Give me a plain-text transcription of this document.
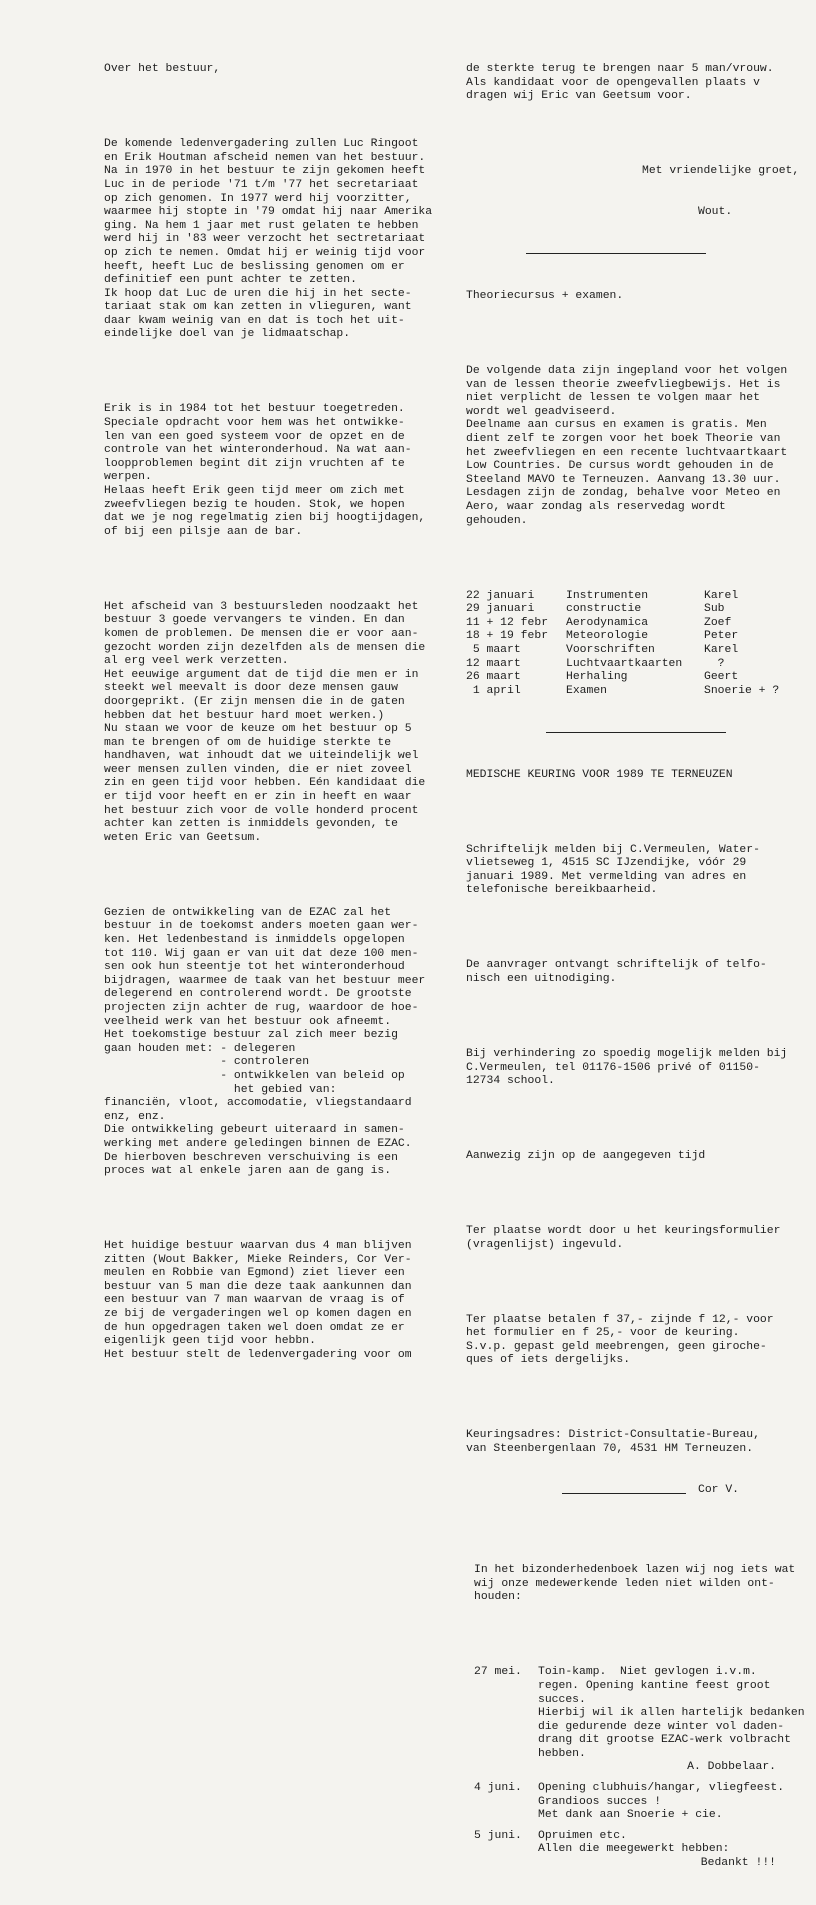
Over het bestuur,

De komende ledenvergadering zullen Luc Ringoot
en Erik Houtman afscheid nemen van het bestuur.
Na in 1970 in het bestuur te zijn gekomen heeft
Luc in de periode '71 t/m '77 het secretariaat
op zich genomen. In 1977 werd hij voorzitter,
waarmee hij stopte in '79 omdat hij naar Amerika
ging. Na hem 1 jaar met rust gelaten te hebben
werd hij in '83 weer verzocht het sectretariaat
op zich te nemen. Omdat hij er weinig tijd voor
heeft, heeft Luc de beslissing genomen om er
definitief een punt achter te zetten.
Ik hoop dat Luc de uren die hij in het secte-
tariaat stak om kan zetten in vlieguren, want
daar kwam weinig van en dat is toch het uit-
eindelijke doel van je lidmaatschap.

Erik is in 1984 tot het bestuur toegetreden.
Speciale opdracht voor hem was het ontwikke-
len van een goed systeem voor de opzet en de
controle van het winteronderhoud. Na wat aan-
loopproblemen begint dit zijn vruchten af te
werpen.
Helaas heeft Erik geen tijd meer om zich met
zweefvliegen bezig te houden. Stok, we hopen
dat we je nog regelmatig zien bij hoogtijdagen,
of bij een pilsje aan de bar.

Het afscheid van 3 bestuursleden noodzaakt het
bestuur 3 goede vervangers te vinden. En dan
komen de problemen. De mensen die er voor aan-
gezocht worden zijn dezelfden als de mensen die
al erg veel werk verzetten.
Het eeuwige argument dat de tijd die men er in
steekt wel meevalt is door deze mensen gauw
doorgeprikt. (Er zijn mensen die in de gaten
hebben dat het bestuur hard moet werken.)
Nu staan we voor de keuze om het bestuur op 5
man te brengen of om de huidige sterkte te
handhaven, wat inhoudt dat we uiteindelijk wel
weer mensen zullen vinden, die er niet zoveel
zin en geen tijd voor hebben. Eén kandidaat die
er tijd voor heeft en er zin in heeft en waar
het bestuur zich voor de volle honderd procent
achter kan zetten is inmiddels gevonden, te
weten Eric van Geetsum.

Gezien de ontwikkeling van de EZAC zal het
bestuur in de toekomst anders moeten gaan wer-
ken. Het ledenbestand is inmiddels opgelopen
tot 110. Wij gaan er van uit dat deze 100 men-
sen ook hun steentje tot het winteronderhoud
bijdragen, waarmee de taak van het bestuur meer
delegerend en controlerend wordt. De grootste
projecten zijn achter de rug, waardoor de hoe-
veelheid werk van het bestuur ook afneemt.
Het toekomstige bestuur zal zich meer bezig
gaan houden met: - delegeren
- controleren
- ontwikkelen van beleid op
het gebied van:
financiën, vloot, accomodatie, vliegstandaard
enz, enz.
Die ontwikkeling gebeurt uiteraard in samen-
werking met andere geledingen binnen de EZAC.
De hierboven beschreven verschuiving is een
proces wat al enkele jaren aan de gang is.

Het huidige bestuur waarvan dus 4 man blijven
zitten (Wout Bakker, Mieke Reinders, Cor Ver-
meulen en Robbie van Egmond) ziet liever een
bestuur van 5 man die deze taak aankunnen dan
een bestuur van 7 man waarvan de vraag is of
ze bij de vergaderingen wel op komen dagen en
de hun opgedragen taken wel doen omdat ze er
eigenlijk geen tijd voor hebbn.
Het bestuur stelt de ledenvergadering voor om

de sterkte terug te brengen naar 5 man/vrouw.
Als kandidaat voor de opengevallen plaats v
dragen wij Eric van Geetsum voor.

Met vriendelijke groet,

Wout.

Theoriecursus + examen.

De volgende data zijn ingepland voor het volgen
van de lessen theorie zweefvliegbewijs. Het is
niet verplicht de lessen te volgen maar het
wordt wel geadviseerd.
Deelname aan cursus en examen is gratis. Men
dient zelf te zorgen voor het boek Theorie van
het zweefvliegen en een recente luchtvaartkaart
Low Countries. De cursus wordt gehouden in de
Steeland MAVO te Terneuzen. Aanvang 13.30 uur.
Lesdagen zijn de zondag, behalve voor Meteo en
Aero, waar zondag als reservedag wordt
gehouden.

22 januari	Instrumenten	Karel
29 januari	constructie	Sub
11 + 12 febr Aerodynamica	Zoef
18 + 19 febr Meteorologie	Peter
5 maart	Voorschriften	Karel
12 maart	Luchtvaartkaarten ?
26 maart	Herhaling	Geert
1 april	Examen	Snoerie + ?

MEDISCHE KEURING VOOR 1989 TE TERNEUZEN

Schriftelijk melden bij C.Vermeulen, Water-
vlietseweg 1, 4515 SC IJzendijke, vóór 29
januari 1989. Met vermelding van adres en
telefonische bereikbaarheid.

De aanvrager ontvangt schriftelijk of telfo-
nisch een uitnodiging.

Bij verhindering zo spoedig mogelijk melden bij
C.Vermeulen, tel 01176-1506 privé of 01150-
12734 school.

Aanwezig zijn op de aangegeven tijd

Ter plaatse wordt door u het keuringsformulier
(vragenlijst) ingevuld.

Ter plaatse betalen f 37,- zijnde f 12,- voor
het formulier en f 25,- voor de keuring.
S.v.p. gepast geld meebrengen, geen giroche-
ques of iets dergelijks.

Keuringsadres: District-Consultatie-Bureau,
van Steenbergenlaan 70, 4531 HM Terneuzen.

Cor V.

In het bizonderhedenboek lazen wij nog iets wat
wij onze medewerkende leden niet wilden ont-
houden:

27 mei. Toin-kamp.  Niet gevlogen i.v.m.
regen. Opening kantine feest groot
succes.
Hierbij wil ik allen hartelijk bedanken
die gedurende deze winter vol daden-
drang dit grootse EZAC-werk volbracht
hebben.
A. Dobbelaar.
4 juni. Opening clubhuis/hangar, vliegfeest.
Grandioos succes !
Met dank aan Snoerie + cie.
5 juni. Opruimen etc.
Allen die meegewerkt hebben:
Bedankt !!!
